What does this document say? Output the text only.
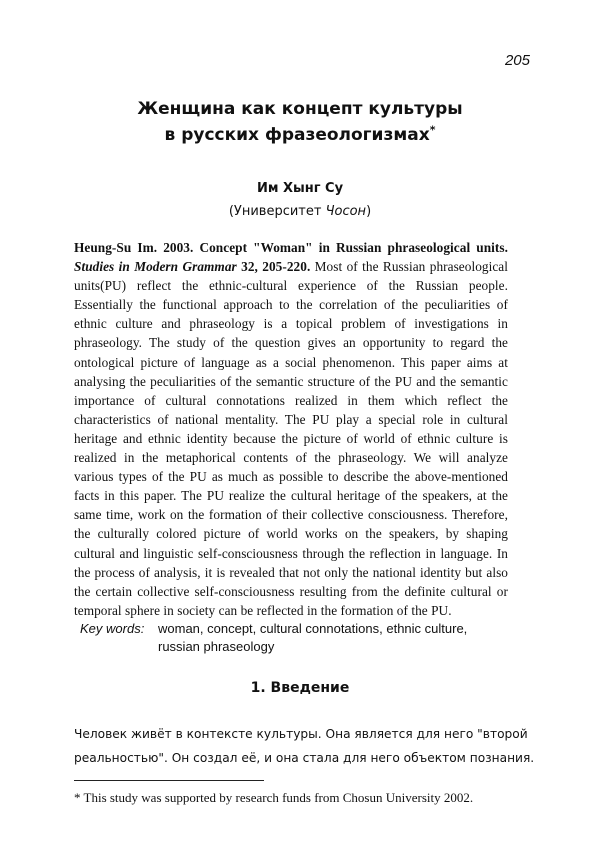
205
Женщина как концепт культуры
в русских фразеологизмах*
Им Хынг Су
(Университет Чосон)
Heung-Su Im. 2003. Concept "Woman" in Russian phraseological units. Studies in Modern Grammar 32, 205-220. Most of the Russian phraseological units(PU) reflect the ethnic-cultural experience of the Russian people. Essentially the functional approach to the correlation of the peculiarities of ethnic culture and phraseology is a topical problem of investigations in phraseology. The study of the question gives an opportunity to regard the ontological picture of language as a social phenomenon. This paper aims at analysing the peculiarities of the semantic structure of the PU and the semantic importance of cultural connotations realized in them which reflect the characteristics of national mentality. The PU play a special role in cultural heritage and ethnic identity because the picture of world of ethnic culture is realized in the metaphorical contents of the phraseology. We will analyze various types of the PU as much as possible to describe the above-mentioned facts in this paper. The PU realize the cultural heritage of the speakers, at the same time, work on the formation of their collective consciousness. Therefore, the culturally colored picture of world works on the speakers, by shaping cultural and linguistic self-consciousness through the reflection in language. In the process of analysis, it is revealed that not only the national identity but also the certain collective self-consciousness resulting from the definite cultural or temporal sphere in society can be reflected in the formation of the PU.
Key words: woman, concept, cultural connotations, ethnic culture,
russian phraseology
1. Введение
Человек живёт в контексте культуры. Она является для него "второй
реальностью". Он создал её, и она стала для него объектом познания.
* This study was supported by research funds from Chosun University 2002.
